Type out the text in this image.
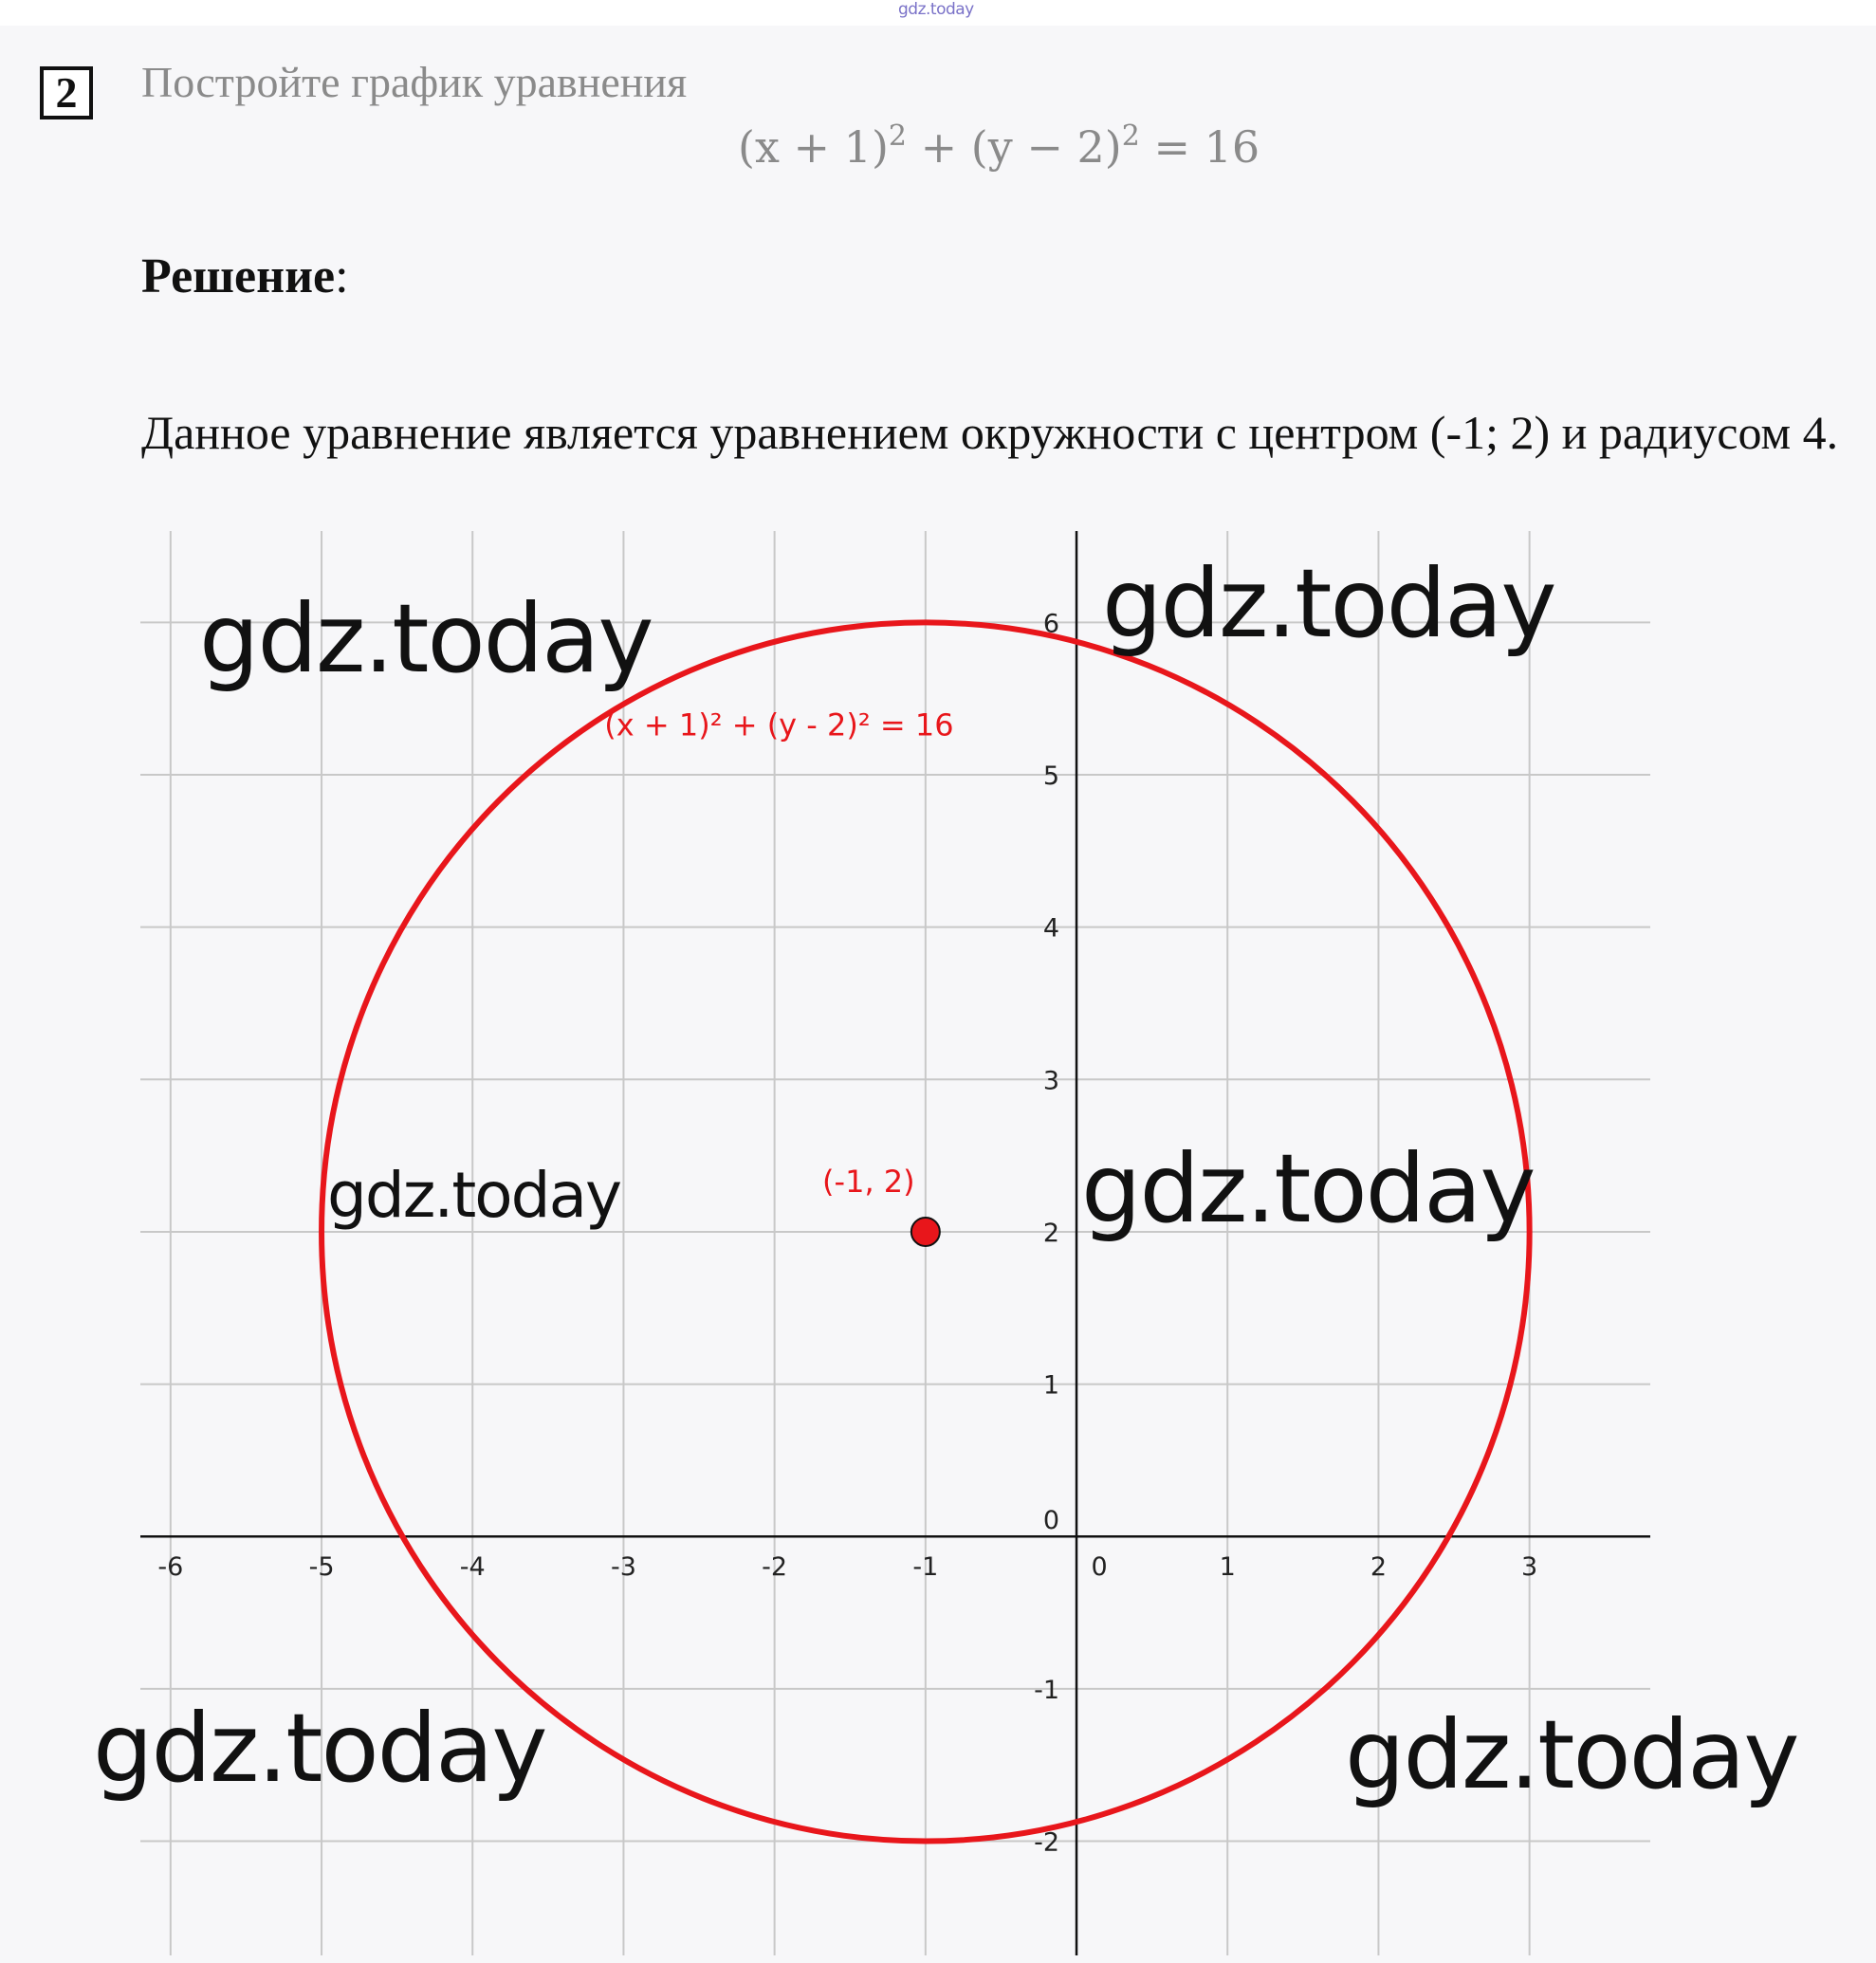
gdz.today
2	Постройте график уравнения
$(x + 1)^2 + (y - 2)^2 = 16$
Решение:
Данное уравнение является уравнением окружности с центром (-1; 2) и радиусом 4.
-6	-5	-4	-3	-2	-1	0	1	2	3
-2
-1
0
1
2
3
4
5
6
(x + 1)² + (y - 2)² = 16
(-1, 2)
gdz.today	gdz.today
gdz.today	gdz.today
gdz.today	gdz.today
